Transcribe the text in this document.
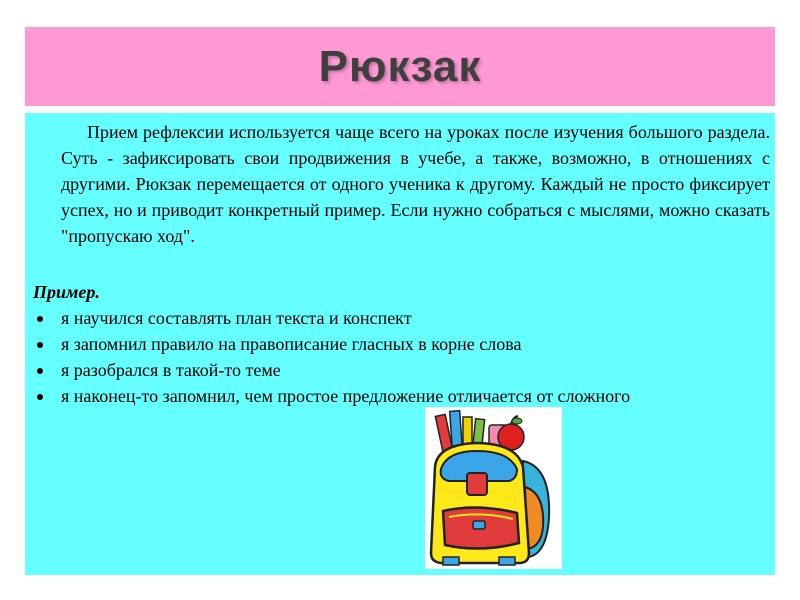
Рюкзак

Прием рефлексии используется чаще всего на уроках после изучения большого раздела. Суть - зафиксировать свои продвижения в учебе, а также, возможно, в отношениях с другими. Рюкзак перемещается от одного ученика к другому. Каждый не просто фиксирует успех, но и приводит конкретный пример. Если нужно собраться с мыслями, можно сказать "пропускаю ход".

Пример.

я научился составлять план текста и конспект
я запомнил правило на правописание гласных в корне слова
я разобрался в такой-то теме
я наконец-то запомнил, чем простое предложение отличается от сложного
